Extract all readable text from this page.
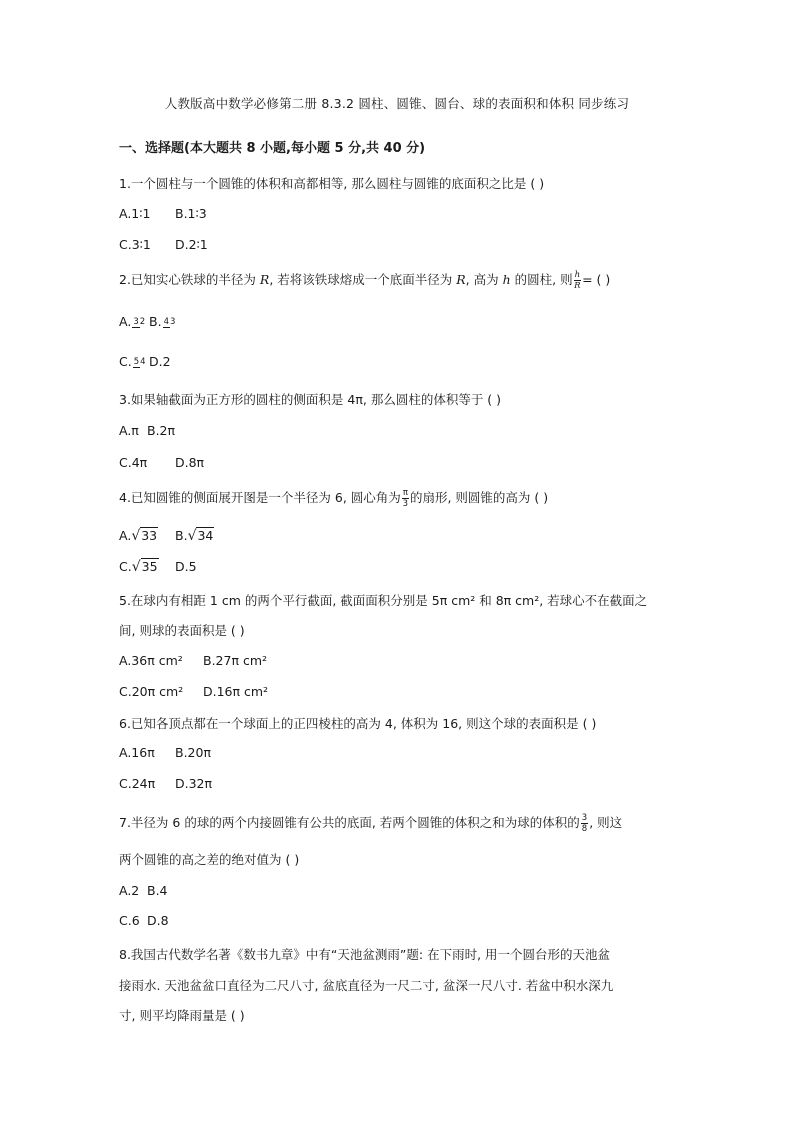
人教版高中数学必修第二册 8.3.2 圆柱、圆锥、圆台、球的表面积和体积 同步练习
一、选择题(本大题共 8 小题,每小题 5 分,共 40 分)
1.一个圆柱与一个圆锥的体积和高都相等, 那么圆柱与圆锥的底面积之比是 ( )
A.1∶1 B.1∶3
C.3∶1 D.2∶1
2.已知实心铁球的半径为 R, 若将该铁球熔成一个底面半径为 R, 高为 h 的圆柱, 则 $\frac{h}{R}$ = ( )
A. 32 B. 43
C. 54 D.2
3.如果轴截面为正方形的圆柱的侧面积是 4π, 那么圆柱的体积等于 ( )
A.π B.2π
C.4π D.8π
4.已知圆锥的侧面展开图是一个半径为 6, 圆心角为 $\frac{\pi}{3}$ 的扇形, 则圆锥的高为 ( )
A.√33 B.√34
C.√35 D.5
5.在球内有相距 1 cm 的两个平行截面, 截面面积分别是 5π cm² 和 8π cm², 若球心不在截面之
间, 则球的表面积是 ( )
A.36π cm² B.27π cm²
C.20π cm² D.16π cm²
6.已知各顶点都在一个球面上的正四棱柱的高为 4, 体积为 16, 则这个球的表面积是 ( )
A.16π B.20π
C.24π D.32π
7.半径为 6 的球的两个内接圆锥有公共的底面, 若两个圆锥的体积之和为球的体积的 $\frac{3}{8}$ , 则这
两个圆锥的高之差的绝对值为 ( )
A.2 B.4
C.6 D.8
8.我国古代数学名著《数书九章》中有“天池盆测雨”题: 在下雨时, 用一个圆台形的天池盆
接雨水. 天池盆盆口直径为二尺八寸, 盆底直径为一尺二寸, 盆深一尺八寸. 若盆中积水深九
寸, 则平均降雨量是 ( )
